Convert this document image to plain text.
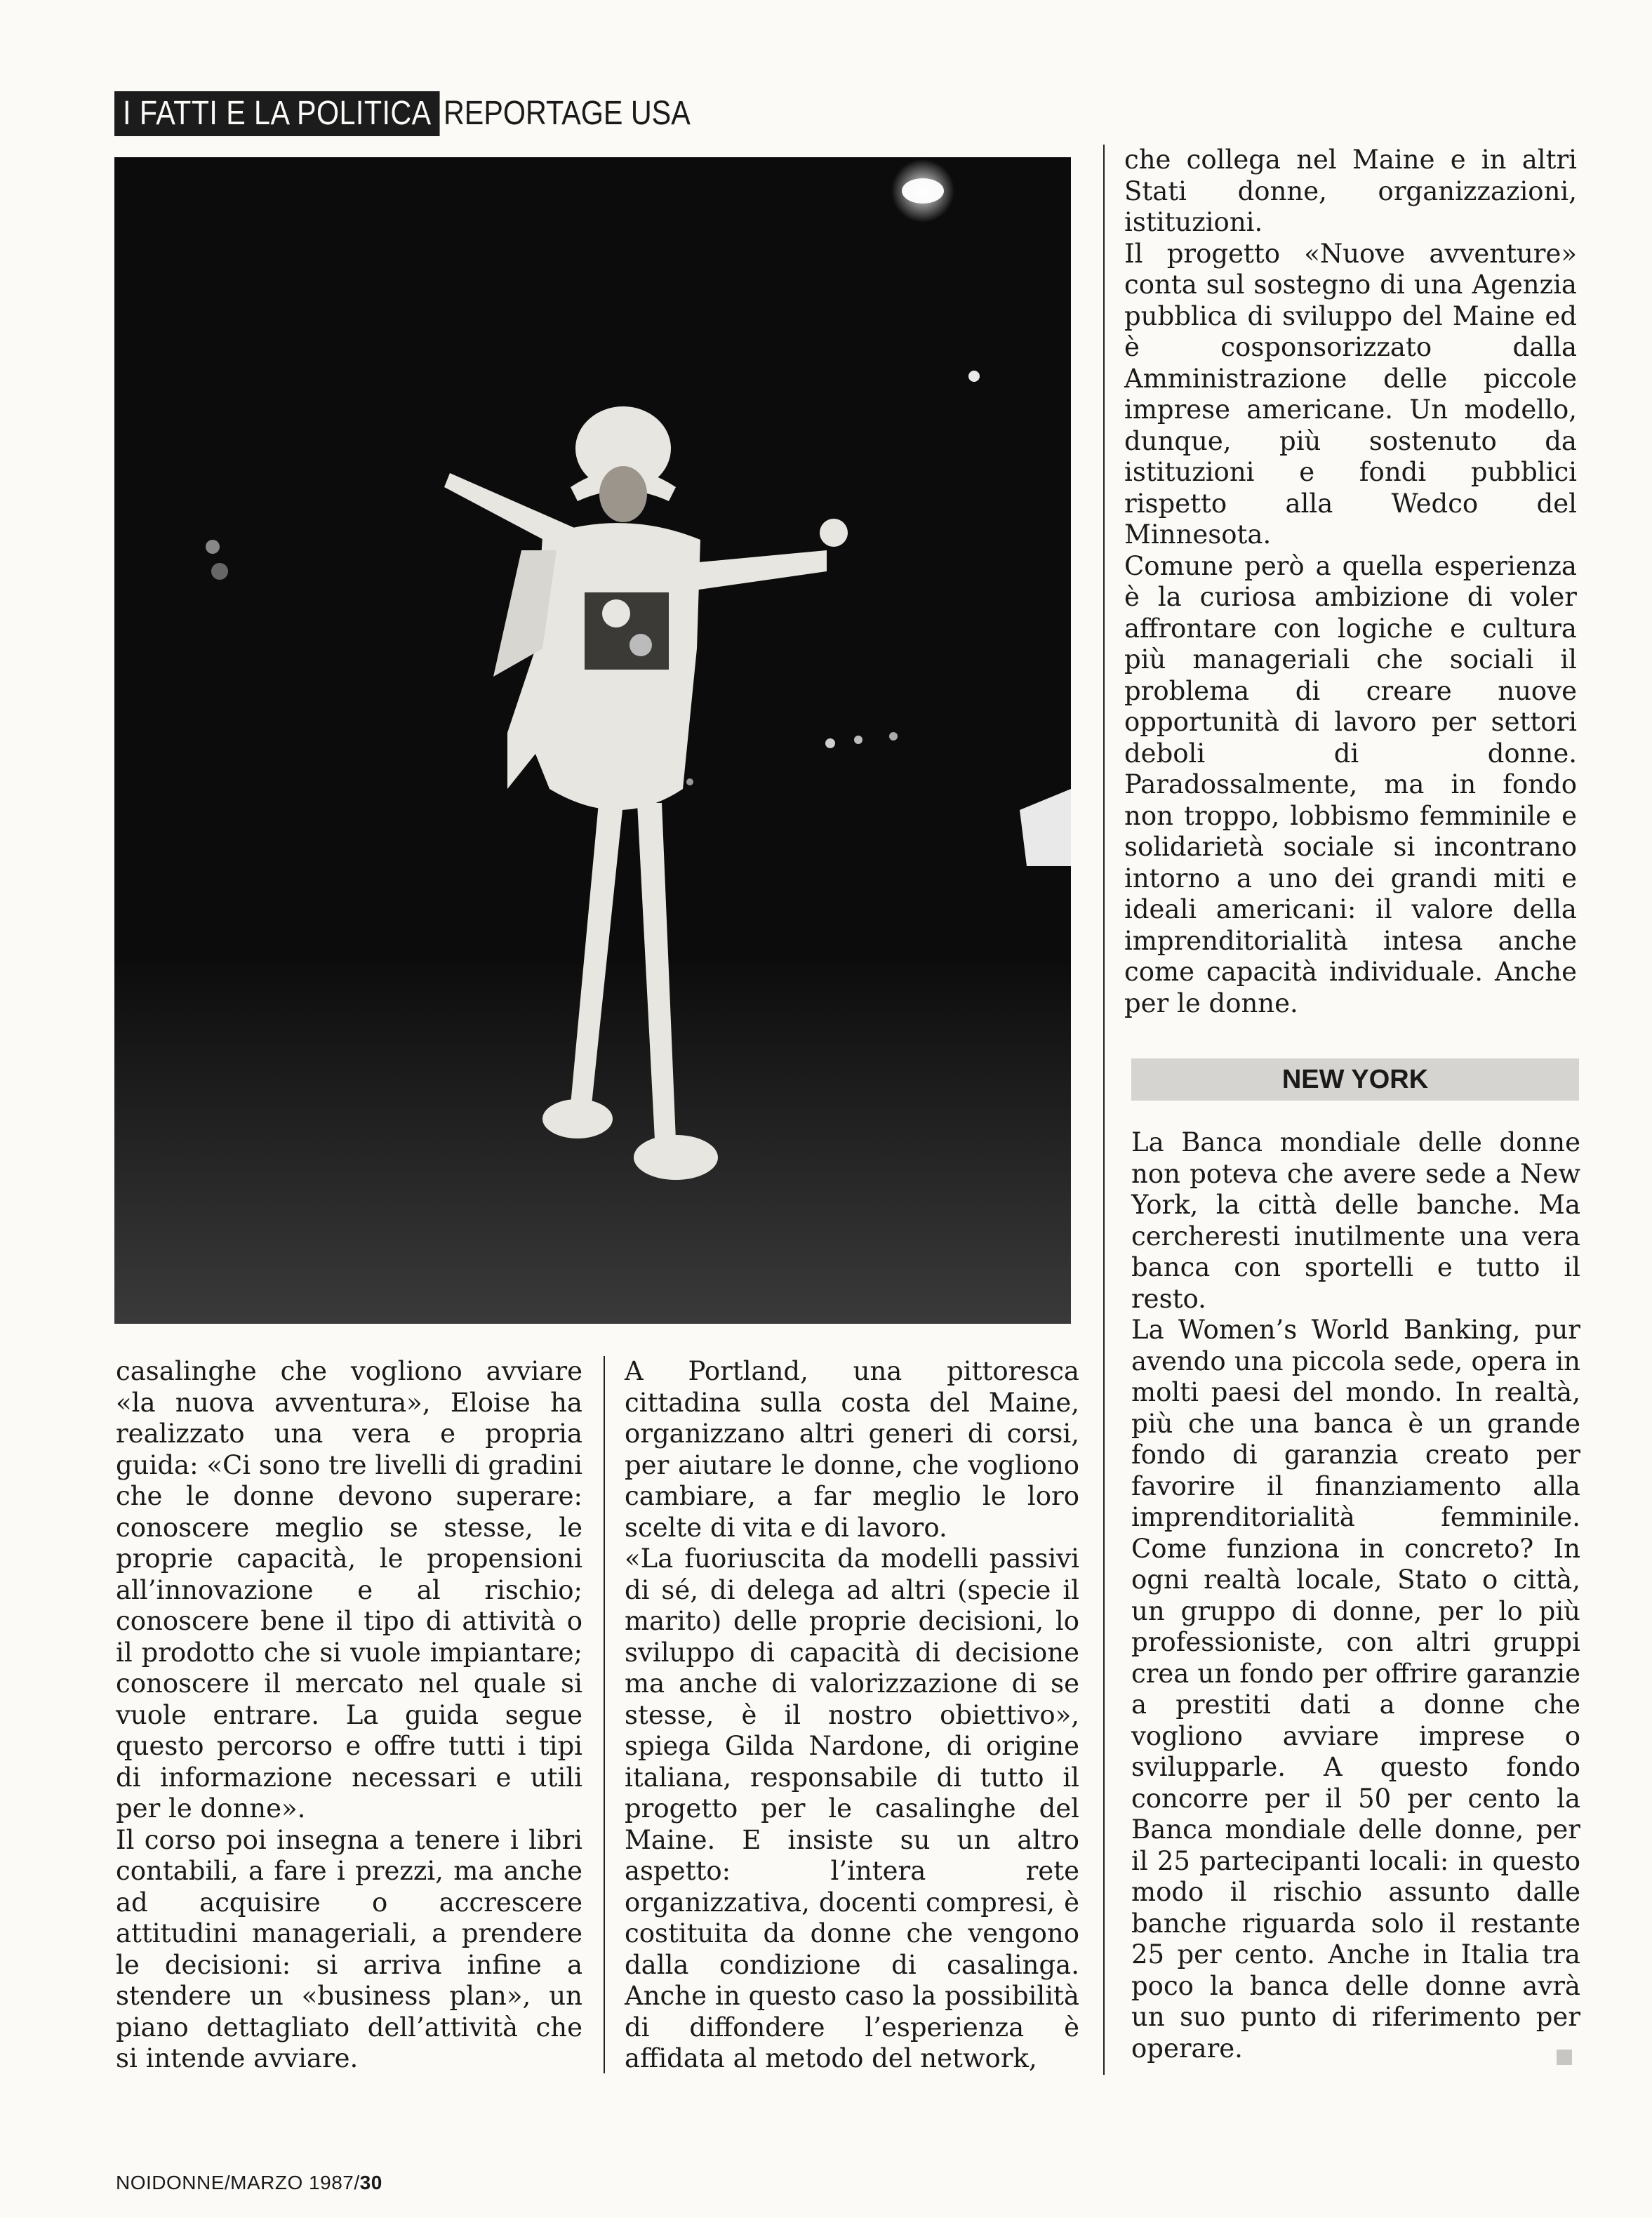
I FATTI E LA POLITICA REPORTAGE USA

casalinghe che vogliono avviare «la nuova avventura», Eloise ha realizzato una vera e propria guida: «Ci sono tre livelli di gradini che le donne devono superare: conoscere meglio se stesse, le proprie capacità, le propensioni all’innovazione e al rischio; conoscere bene il tipo di attività o il prodotto che si vuole impiantare; conoscere il mercato nel quale si vuole entrare. La guida segue questo percorso e offre tutti i tipi di informazione necessari e utili per le donne».

Il corso poi insegna a tenere i libri contabili, a fare i prezzi, ma anche ad acquisire o accrescere attitudini manageriali, a prendere le decisioni: si arriva infine a stendere un «business plan», un piano dettagliato dell’attività che si intende avviare.

A Portland, una pittoresca cittadina sulla costa del Maine, organizzano altri generi di corsi, per aiutare le donne, che vogliono cambiare, a far meglio le loro scelte di vita e di lavoro.

«La fuoriuscita da modelli passivi di sé, di delega ad altri (specie il marito) delle proprie decisioni, lo sviluppo di capacità di decisione ma anche di valorizzazione di se stesse, è il nostro obiettivo», spiega Gilda Nardone, di origine italiana, responsabile di tutto il progetto per le casalinghe del Maine. E insiste su un altro aspetto: l’intera rete organizzativa, docenti compresi, è costituita da donne che vengono dalla condizione di casalinga. Anche in questo caso la possibilità di diffondere l’esperienza è affidata al metodo del network,

che collega nel Maine e in altri Stati donne, organizzazioni, istituzioni.

Il progetto «Nuove avventure» conta sul sostegno di una Agenzia pubblica di sviluppo del Maine ed è cosponsorizzato dalla Amministrazione delle piccole imprese americane. Un modello, dunque, più sostenuto da istituzioni e fondi pubblici rispetto alla Wedco del Minnesota.

Comune però a quella esperienza è la curiosa ambizione di voler affrontare con logiche e cultura più manageriali che sociali il problema di creare nuove opportunità di lavoro per settori deboli di donne. Paradossalmente, ma in fondo non troppo, lobbismo femminile e solidarietà sociale si incontrano intorno a uno dei grandi miti e ideali americani: il valore della imprenditorialità intesa anche come capacità individuale. Anche per le donne.

NEW YORK

La Banca mondiale delle donne non poteva che avere sede a New York, la città delle banche. Ma cercheresti inutilmente una vera banca con sportelli e tutto il resto.

La Women’s World Banking, pur avendo una piccola sede, opera in molti paesi del mondo. In realtà, più che una banca è un grande fondo di garanzia creato per favorire il finanziamento alla imprenditorialità femminile. Come funziona in concreto? In ogni realtà locale, Stato o città, un gruppo di donne, per lo più professioniste, con altri gruppi crea un fondo per offrire garanzie a prestiti dati a donne che vogliono avviare imprese o svilupparle. A questo fondo concorre per il 50 per cento la Banca mondiale delle donne, per il 25 partecipanti locali: in questo modo il rischio assunto dalle banche riguarda solo il restante 25 per cento. Anche in Italia tra poco la banca delle donne avrà un suo punto di riferimento per operare.

NOIDONNE/MARZO 1987/30
